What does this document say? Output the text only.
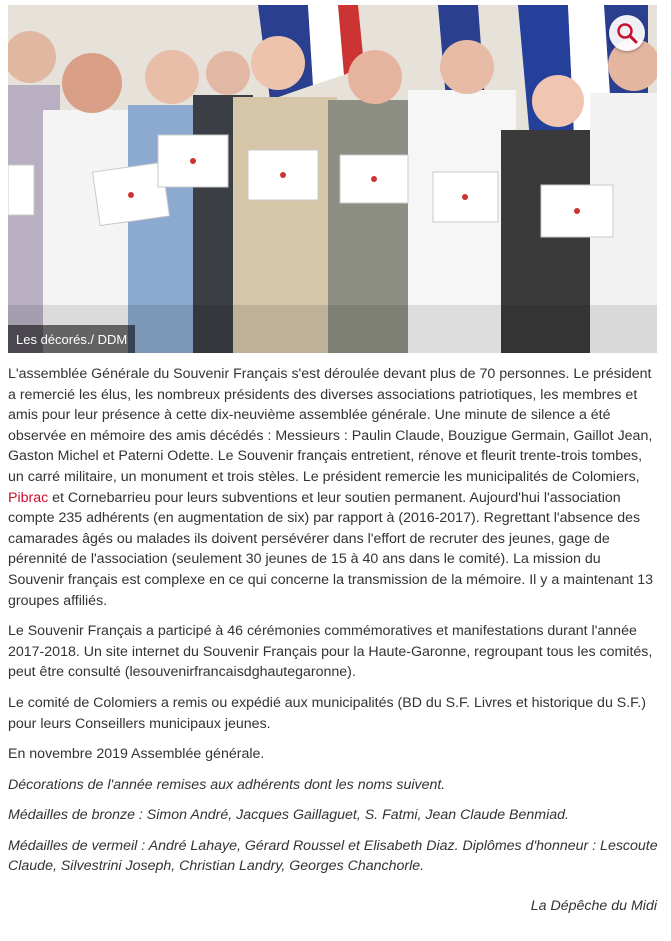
Les décorés./ DDM

L'assemblée Générale du Souvenir Français s'est déroulée devant plus de 70 personnes. Le président a remercié les élus, les nombreux présidents des diverses associations patriotiques, les membres et amis pour leur présence à cette dix-neuvième assemblée générale. Une minute de silence a été observée en mémoire des amis décédés : Messieurs : Paulin Claude, Bouzigue Germain, Gaillot Jean, Gaston Michel et Paterni Odette. Le Souvenir français entretient, rénove et fleurit trente-trois tombes, un carré militaire, un monument et trois stèles. Le président remercie les municipalités de Colomiers, Pibrac et Cornebarrieu pour leurs subventions et leur soutien permanent. Aujourd'hui l'association compte 235 adhérents (en augmentation de six) par rapport à (2016-2017). Regrettant l'absence des camarades âgés ou malades ils doivent persévérer dans l'effort de recruter des jeunes, gage de pérennité de l'association (seulement 30 jeunes de 15 à 40 ans dans le comité). La mission du Souvenir français est complexe en ce qui concerne la transmission de la mémoire. Il y a maintenant 13 groupes affiliés.

Le Souvenir Français a participé à 46 cérémonies commémoratives et manifestations durant l'année 2017-2018. Un site internet du Souvenir Français pour la Haute-Garonne, regroupant tous les comités, peut être consulté (lesouvenirfrancaisdghautegaronne).

Le comité de Colomiers a remis ou expédié aux municipalités (BD du S.F. Livres et historique du S.F.) pour leurs Conseillers municipaux jeunes.

En novembre 2019 Assemblée générale.

Décorations de l'année remises aux adhérents dont les noms suivent.

Médailles de bronze : Simon André, Jacques Gaillaguet, S. Fatmi, Jean Claude Benmiad.

Médailles de vermeil : André Lahaye, Gérard Roussel et Elisabeth Diaz. Diplômes d'honneur : Lescoute Claude, Silvestrini Joseph, Christian Landry, Georges Chanchorle.

La Dépêche du Midi
